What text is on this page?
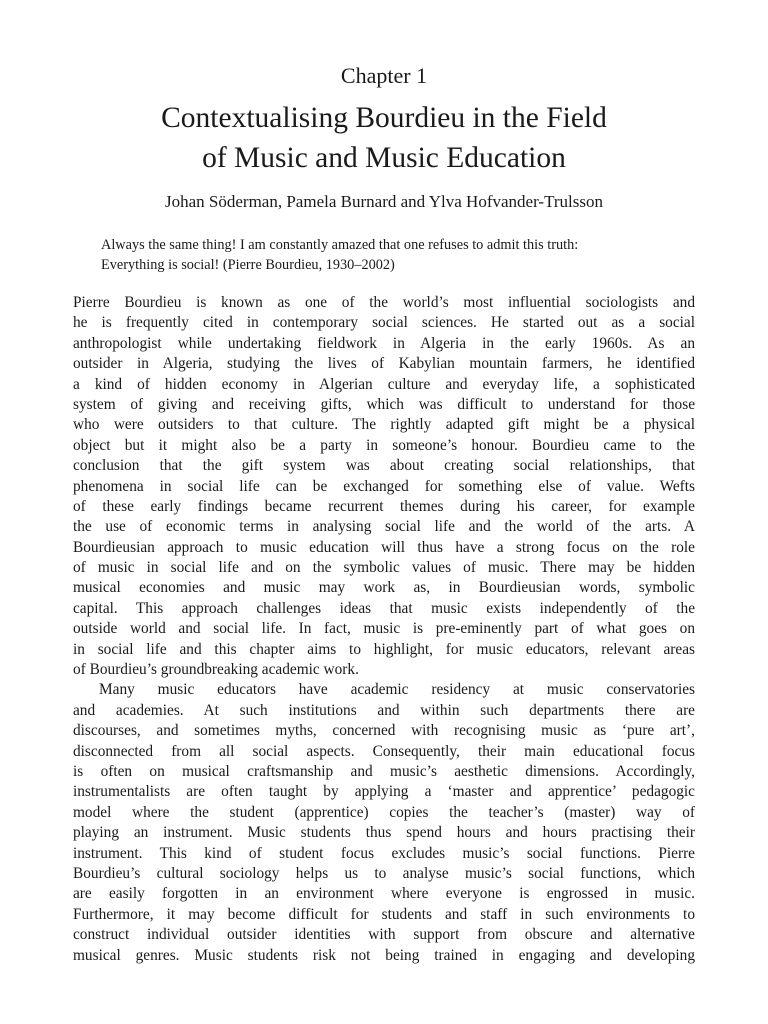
Chapter 1
Contextualising Bourdieu in the Field
of Music and Music Education
Johan Söderman, Pamela Burnard and Ylva Hofvander-Trulsson
Always the same thing! I am constantly amazed that one refuses to admit this truth:
Everything is social! (Pierre Bourdieu, 1930–2002)
Pierre Bourdieu is known as one of the world’s most influential sociologists and
he is frequently cited in contemporary social sciences. He started out as a social
anthropologist while undertaking fieldwork in Algeria in the early 1960s. As an
outsider in Algeria, studying the lives of Kabylian mountain farmers, he identified
a kind of hidden economy in Algerian culture and everyday life, a sophisticated
system of giving and receiving gifts, which was difficult to understand for those
who were outsiders to that culture. The rightly adapted gift might be a physical
object but it might also be a party in someone’s honour. Bourdieu came to the
conclusion that the gift system was about creating social relationships, that
phenomena in social life can be exchanged for something else of value. Wefts
of these early findings became recurrent themes during his career, for example
the use of economic terms in analysing social life and the world of the arts. A
Bourdieusian approach to music education will thus have a strong focus on the role
of music in social life and on the symbolic values of music. There may be hidden
musical economies and music may work as, in Bourdieusian words, symbolic
capital. This approach challenges ideas that music exists independently of the
outside world and social life. In fact, music is pre-eminently part of what goes on
in social life and this chapter aims to highlight, for music educators, relevant areas
of Bourdieu’s groundbreaking academic work.
Many music educators have academic residency at music conservatories
and academies. At such institutions and within such departments there are
discourses, and sometimes myths, concerned with recognising music as ‘pure art’,
disconnected from all social aspects. Consequently, their main educational focus
is often on musical craftsmanship and music’s aesthetic dimensions. Accordingly,
instrumentalists are often taught by applying a ‘master and apprentice’ pedagogic
model where the student (apprentice) copies the teacher’s (master) way of
playing an instrument. Music students thus spend hours and hours practising their
instrument. This kind of student focus excludes music’s social functions. Pierre
Bourdieu’s cultural sociology helps us to analyse music’s social functions, which
are easily forgotten in an environment where everyone is engrossed in music.
Furthermore, it may become difficult for students and staff in such environments to
construct individual outsider identities with support from obscure and alternative
musical genres. Music students risk not being trained in engaging and developing
